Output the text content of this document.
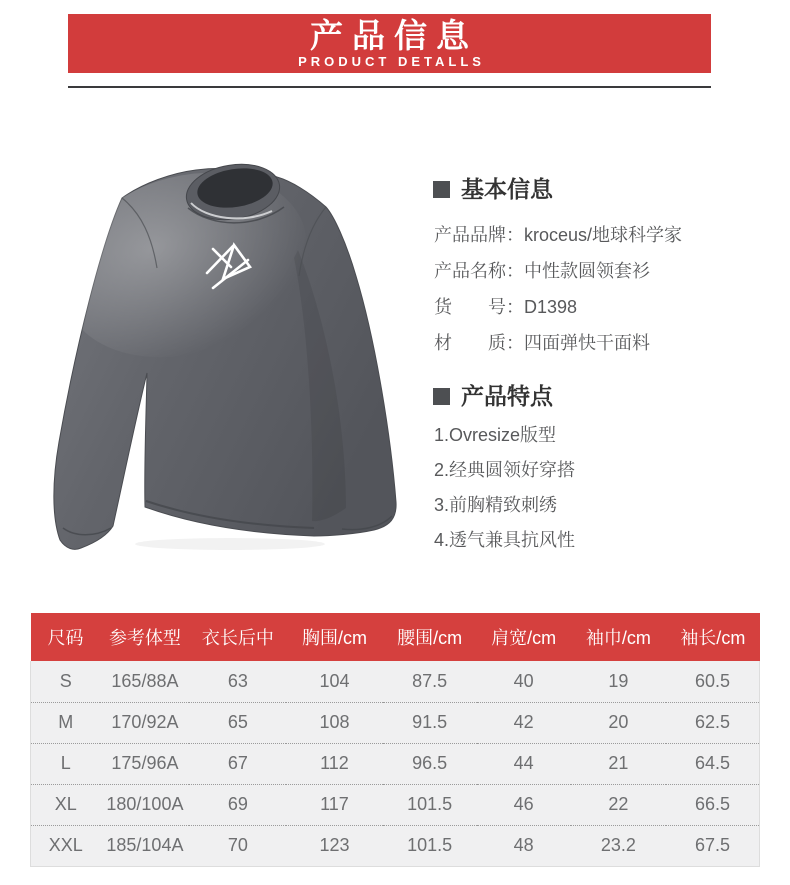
产品信息
PRODUCT DETALLS
基本信息
产品品牌：kroceus/地球科学家
产品名称：中性款圆领套衫
货　　号：D1398
材　　质：四面弹快干面料
产品特点
1.Ovresize版型
2.经典圆领好穿搭
3.前胸精致刺绣
4.透气兼具抗风性
尺码	参考体型	衣长后中	胸围/cm	腰围/cm	肩宽/cm	袖巾/cm	袖长/cm
S	165/88A	63	104	87.5	40	19	60.5
M	170/92A	65	108	91.5	42	20	62.5
L	175/96A	67	112	96.5	44	21	64.5
XL	180/100A	69	117	101.5	46	22	66.5
XXL	185/104A	70	123	101.5	48	23.2	67.5
